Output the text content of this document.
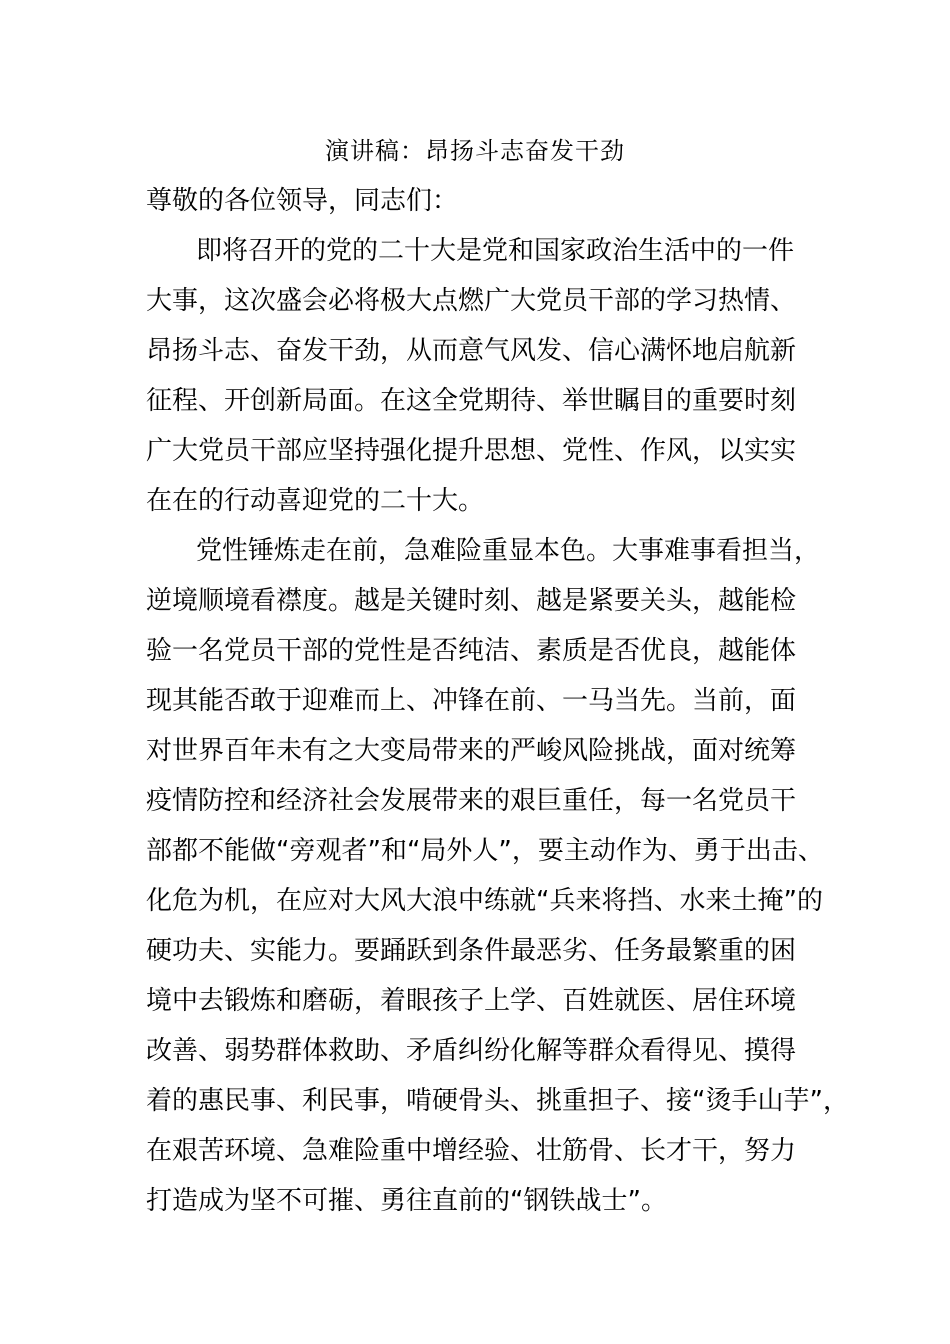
演讲稿：昂扬斗志奋发干劲
尊敬的各位领导，同志们：
即将召开的党的二十大是党和国家政治生活中的一件
大事，这次盛会必将极大点燃广大党员干部的学习热情、
昂扬斗志、奋发干劲，从而意气风发、信心满怀地启航新
征程、开创新局面。在这全党期待、举世瞩目的重要时刻
广大党员干部应坚持强化提升思想、党性、作风，以实实
在在的行动喜迎党的二十大。
党性锤炼走在前，急难险重显本色。大事难事看担当，
逆境顺境看襟度。越是关键时刻、越是紧要关头，越能检
验一名党员干部的党性是否纯洁、素质是否优良，越能体
现其能否敢于迎难而上、冲锋在前、一马当先。当前，面
对世界百年未有之大变局带来的严峻风险挑战，面对统筹
疫情防控和经济社会发展带来的艰巨重任，每一名党员干
部都不能做“旁观者”和“局外人”，要主动作为、勇于出击、
化危为机，在应对大风大浪中练就“兵来将挡、水来土掩”的
硬功夫、实能力。要踊跃到条件最恶劣、任务最繁重的困
境中去锻炼和磨砺，着眼孩子上学、百姓就医、居住环境
改善、弱势群体救助、矛盾纠纷化解等群众看得见、摸得
着的惠民事、利民事，啃硬骨头、挑重担子、接“烫手山芋”，
在艰苦环境、急难险重中增经验、壮筋骨、长才干，努力
打造成为坚不可摧、勇往直前的“钢铁战士”。
